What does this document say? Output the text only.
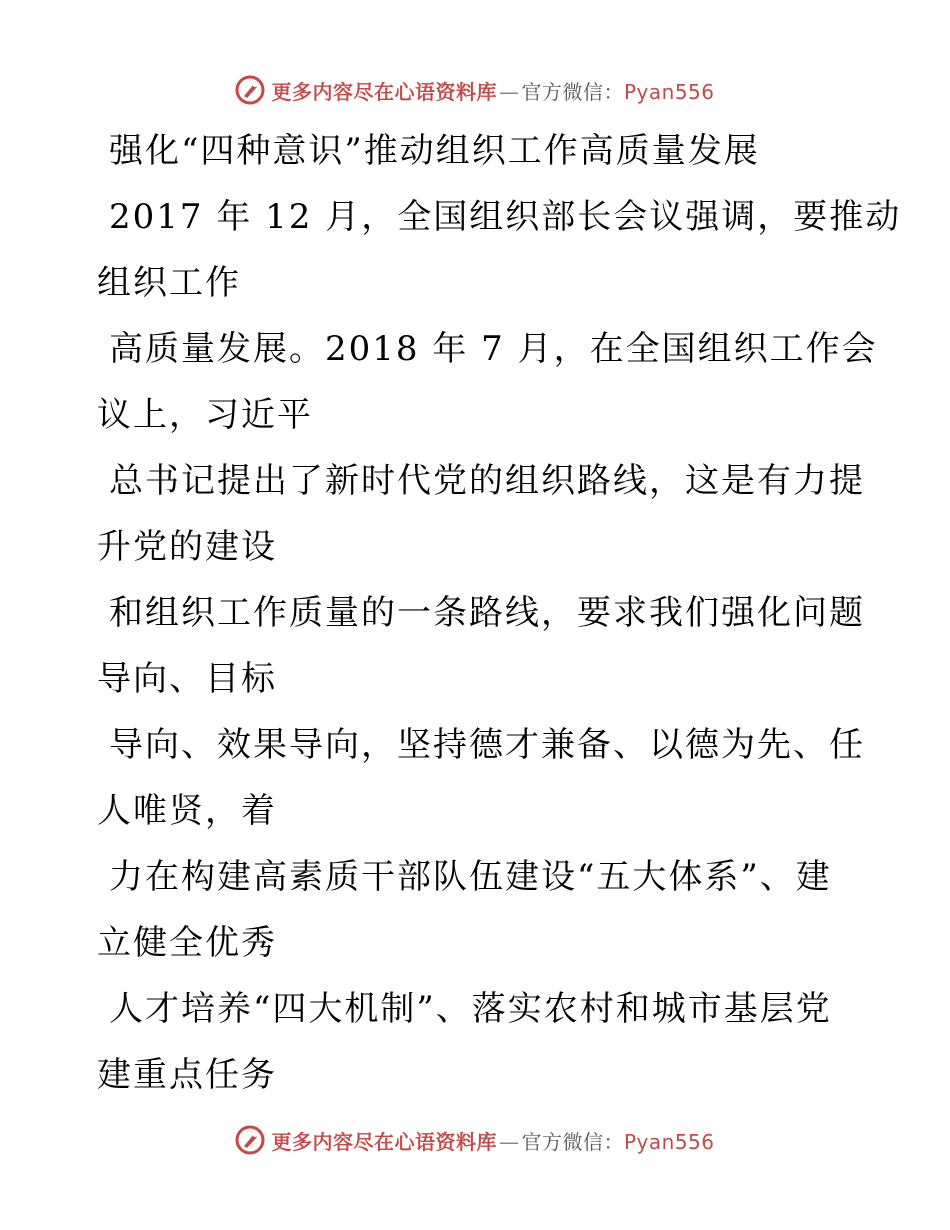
更多内容尽在心语资料库 — 官方微信：Pyan556
强化“四种意识”推动组织工作高质量发展
2017 年 12 月，全国组织部长会议强调，要推动
组织工作
高质量发展。2018 年 7 月，在全国组织工作会
议上，习近平
总书记提出了新时代党的组织路线，这是有力提
升党的建设
和组织工作质量的一条路线，要求我们强化问题
导向、目标
导向、效果导向，坚持德才兼备、以德为先、任
人唯贤，着
力在构建高素质干部队伍建设“五大体系”、建
立健全优秀
人才培养“四大机制”、落实农村和城市基层党
建重点任务
更多内容尽在心语资料库 — 官方微信：Pyan556
